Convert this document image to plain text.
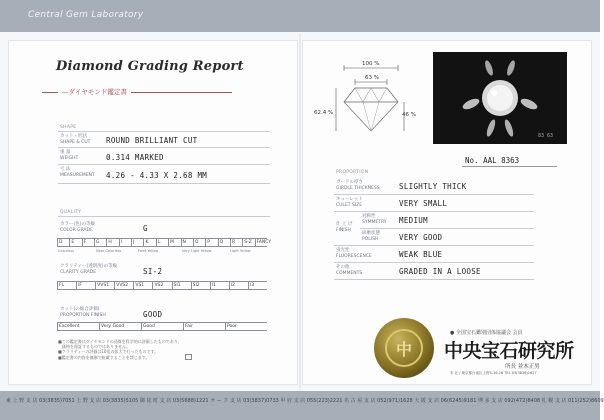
Central Gem Laboratory
Diamond Grading Report
—ダイヤモンド鑑定書
SHAPE
カット・形状
SHAPE & CUT ROUND BRILLIANT CUT
重 量
WEIGHT	0.314 MARKED
寸 法
MEASUREMENT 4.26 - 4.33 X 2.68 MM
QUALITY
カラー(色)の等級
COLOR GRADE	G
D	E	F	G	H	I	J	K	L	M	N	O	P	Q	R	S-Z	FANCY
Colorless	Near Colorless	Faint Yellow	Very Light Yellow	Light Yellow
クラリティー(透明度)の等級
CLARITY GRADE	SI-2
FL	IF	VVS1	VVS2	VS1	VS2	SI1	SI2	I1	I2	I3
カット(の総合評価)
PROPORTION FINISH	GOOD
Excellent	Very Good	Good	Fair	Poor
■この鑑定書はダイヤモンドの品質を科学的に評価したものであり、
　価格を保証するものではありません。
■クラリティーの評価は10倍の拡大で行ったものです。
■鑑定書の内容を無断で転載することを禁じます。
100 %
63 %
62.4 %	46 %
83 63
No. AAL 8363
PROPORTION
ガードル厚さ
GIRDLE THICKNESS	SLIGHTLY THICK
キューレット
CULET SIZE	VERY SMALL
仕 上 げ
FINISH
対称性
SYMMETRY MEDIUM
研磨状態
POLISH	VERY GOOD
蛍光性
FLUORESCENCE	WEAK BLUE
その他
COMMENTS	GRADED IN A LOOSE
中
● 全国宝石鑑別団体協議会 会員
中央宝石研究所
所長 並木正男
本 社 / 東京都台東区上野5-16-16 TEL 03(3836)1627
東 上 野 支 店 03(3835)7051 上 野 支 店 03(3835)5105 御 徒 町 支 店 03(5688)1221 オ ー ク 支 店 03(3837)0733 甲 府 支 店 055(223)2221 名 古 屋 支 店 052(971)1628 大 阪 支 店 06(6245)9181 博 多 支 店 092(472)8408 札 幌 支 店 011(252)8609
